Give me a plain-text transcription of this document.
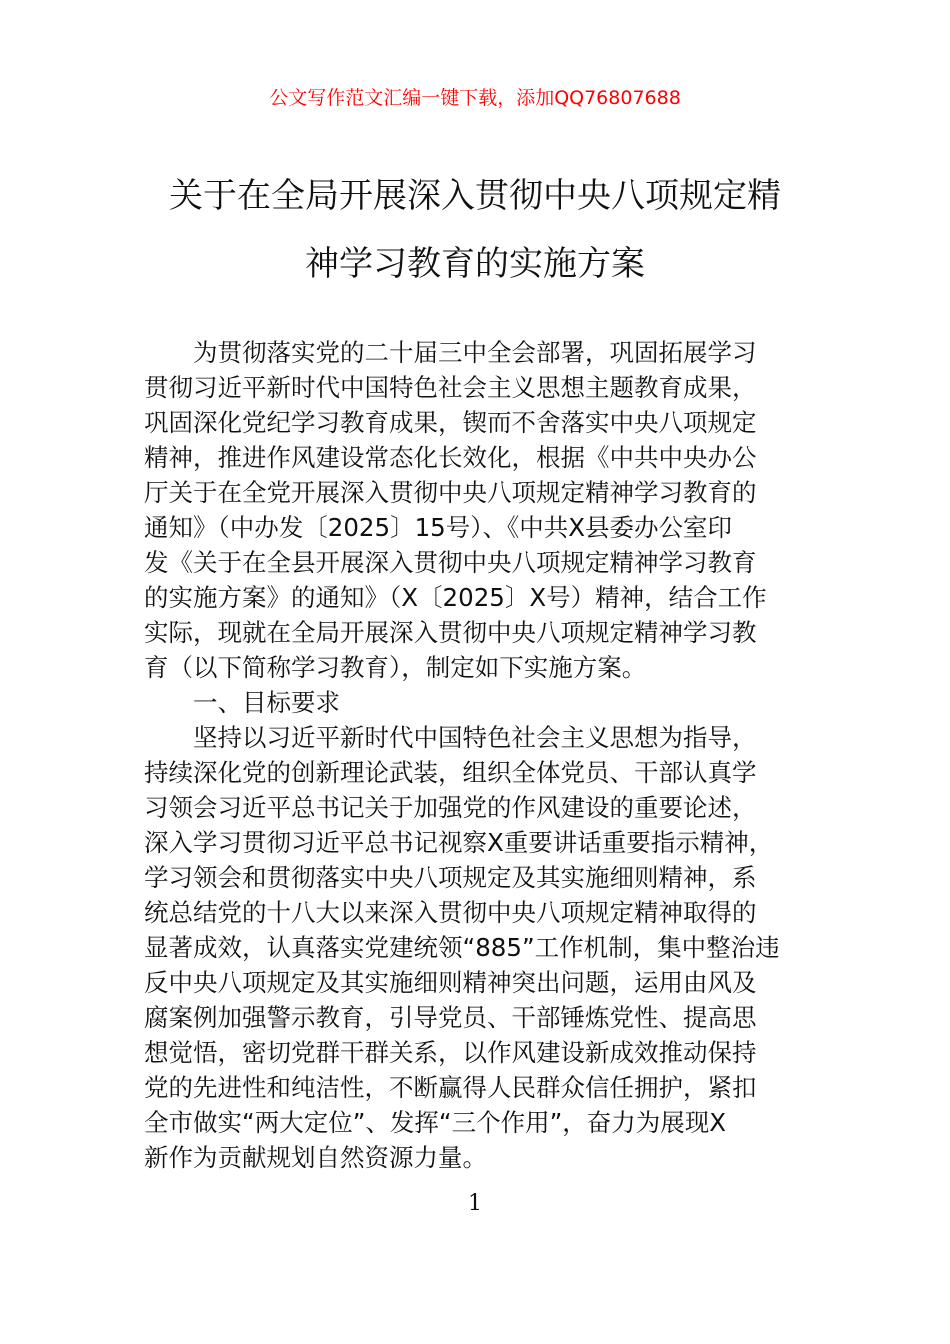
公文写作范文汇编一键下载，添加QQ76807688
关于在全局开展深入贯彻中央八项规定精
神学习教育的实施方案
为贯彻落实党的二十届三中全会部署，巩固拓展学习
贯彻习近平新时代中国特色社会主义思想主题教育成果，
巩固深化党纪学习教育成果，锲而不舍落实中央八项规定
精神，推进作风建设常态化长效化，根据《中共中央办公
厅关于在全党开展深入贯彻中央八项规定精神学习教育的
通知》（中办发〔2025〕15号）、《中共X县委办公室印
发《关于在全县开展深入贯彻中央八项规定精神学习教育
的实施方案》的通知》（X〔2025〕X号）精神，结合工作
实际，现就在全局开展深入贯彻中央八项规定精神学习教
育（以下简称学习教育），制定如下实施方案。
一、目标要求
坚持以习近平新时代中国特色社会主义思想为指导，
持续深化党的创新理论武装，组织全体党员、干部认真学
习领会习近平总书记关于加强党的作风建设的重要论述，
深入学习贯彻习近平总书记视察X重要讲话重要指示精神，
学习领会和贯彻落实中央八项规定及其实施细则精神，系
统总结党的十八大以来深入贯彻中央八项规定精神取得的
显著成效，认真落实党建统领“885”工作机制，集中整治违
反中央八项规定及其实施细则精神突出问题，运用由风及
腐案例加强警示教育，引导党员、干部锤炼党性、提高思
想觉悟，密切党群干群关系，以作风建设新成效推动保持
党的先进性和纯洁性，不断赢得人民群众信任拥护，紧扣
全市做实“两大定位”、发挥“三个作用”，奋力为展现X
新作为贡献规划自然资源力量。
1
